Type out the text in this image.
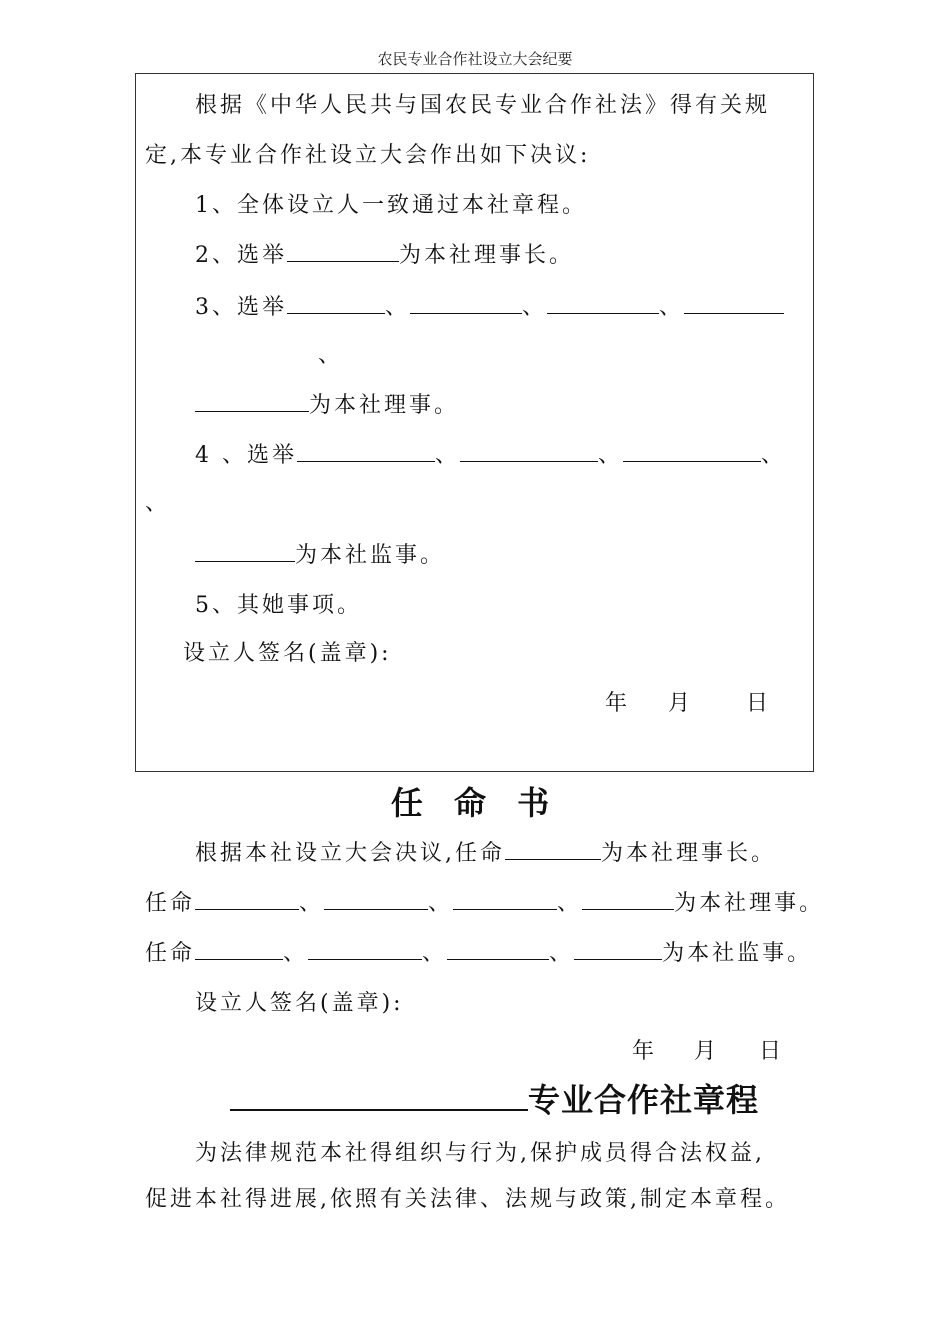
农民专业合作社设立大会纪要
根据《中华人民共与国农民专业合作社法》得有关规
定,本专业合作社设立大会作出如下决议:
1、全体设立人一致通过本社章程。
2、选举	为本社理事长。
3、选举	、	、	、
、
为本社理事。
4 、选举	、	、	、
、
为本社监事。
5、其她事项。
设立人签名(盖章):
年 月 日
任 命 书
根据本社设立大会决议,任命	为本社理事长。
任命	、	、	、	为本社理事。
任命	、	、	、	为本社监事。
设立人签名(盖章):
年 月 日
专业合作社章程
为法律规范本社得组织与行为,保护成员得合法权益,
促进本社得进展,依照有关法律、法规与政策,制定本章程。
